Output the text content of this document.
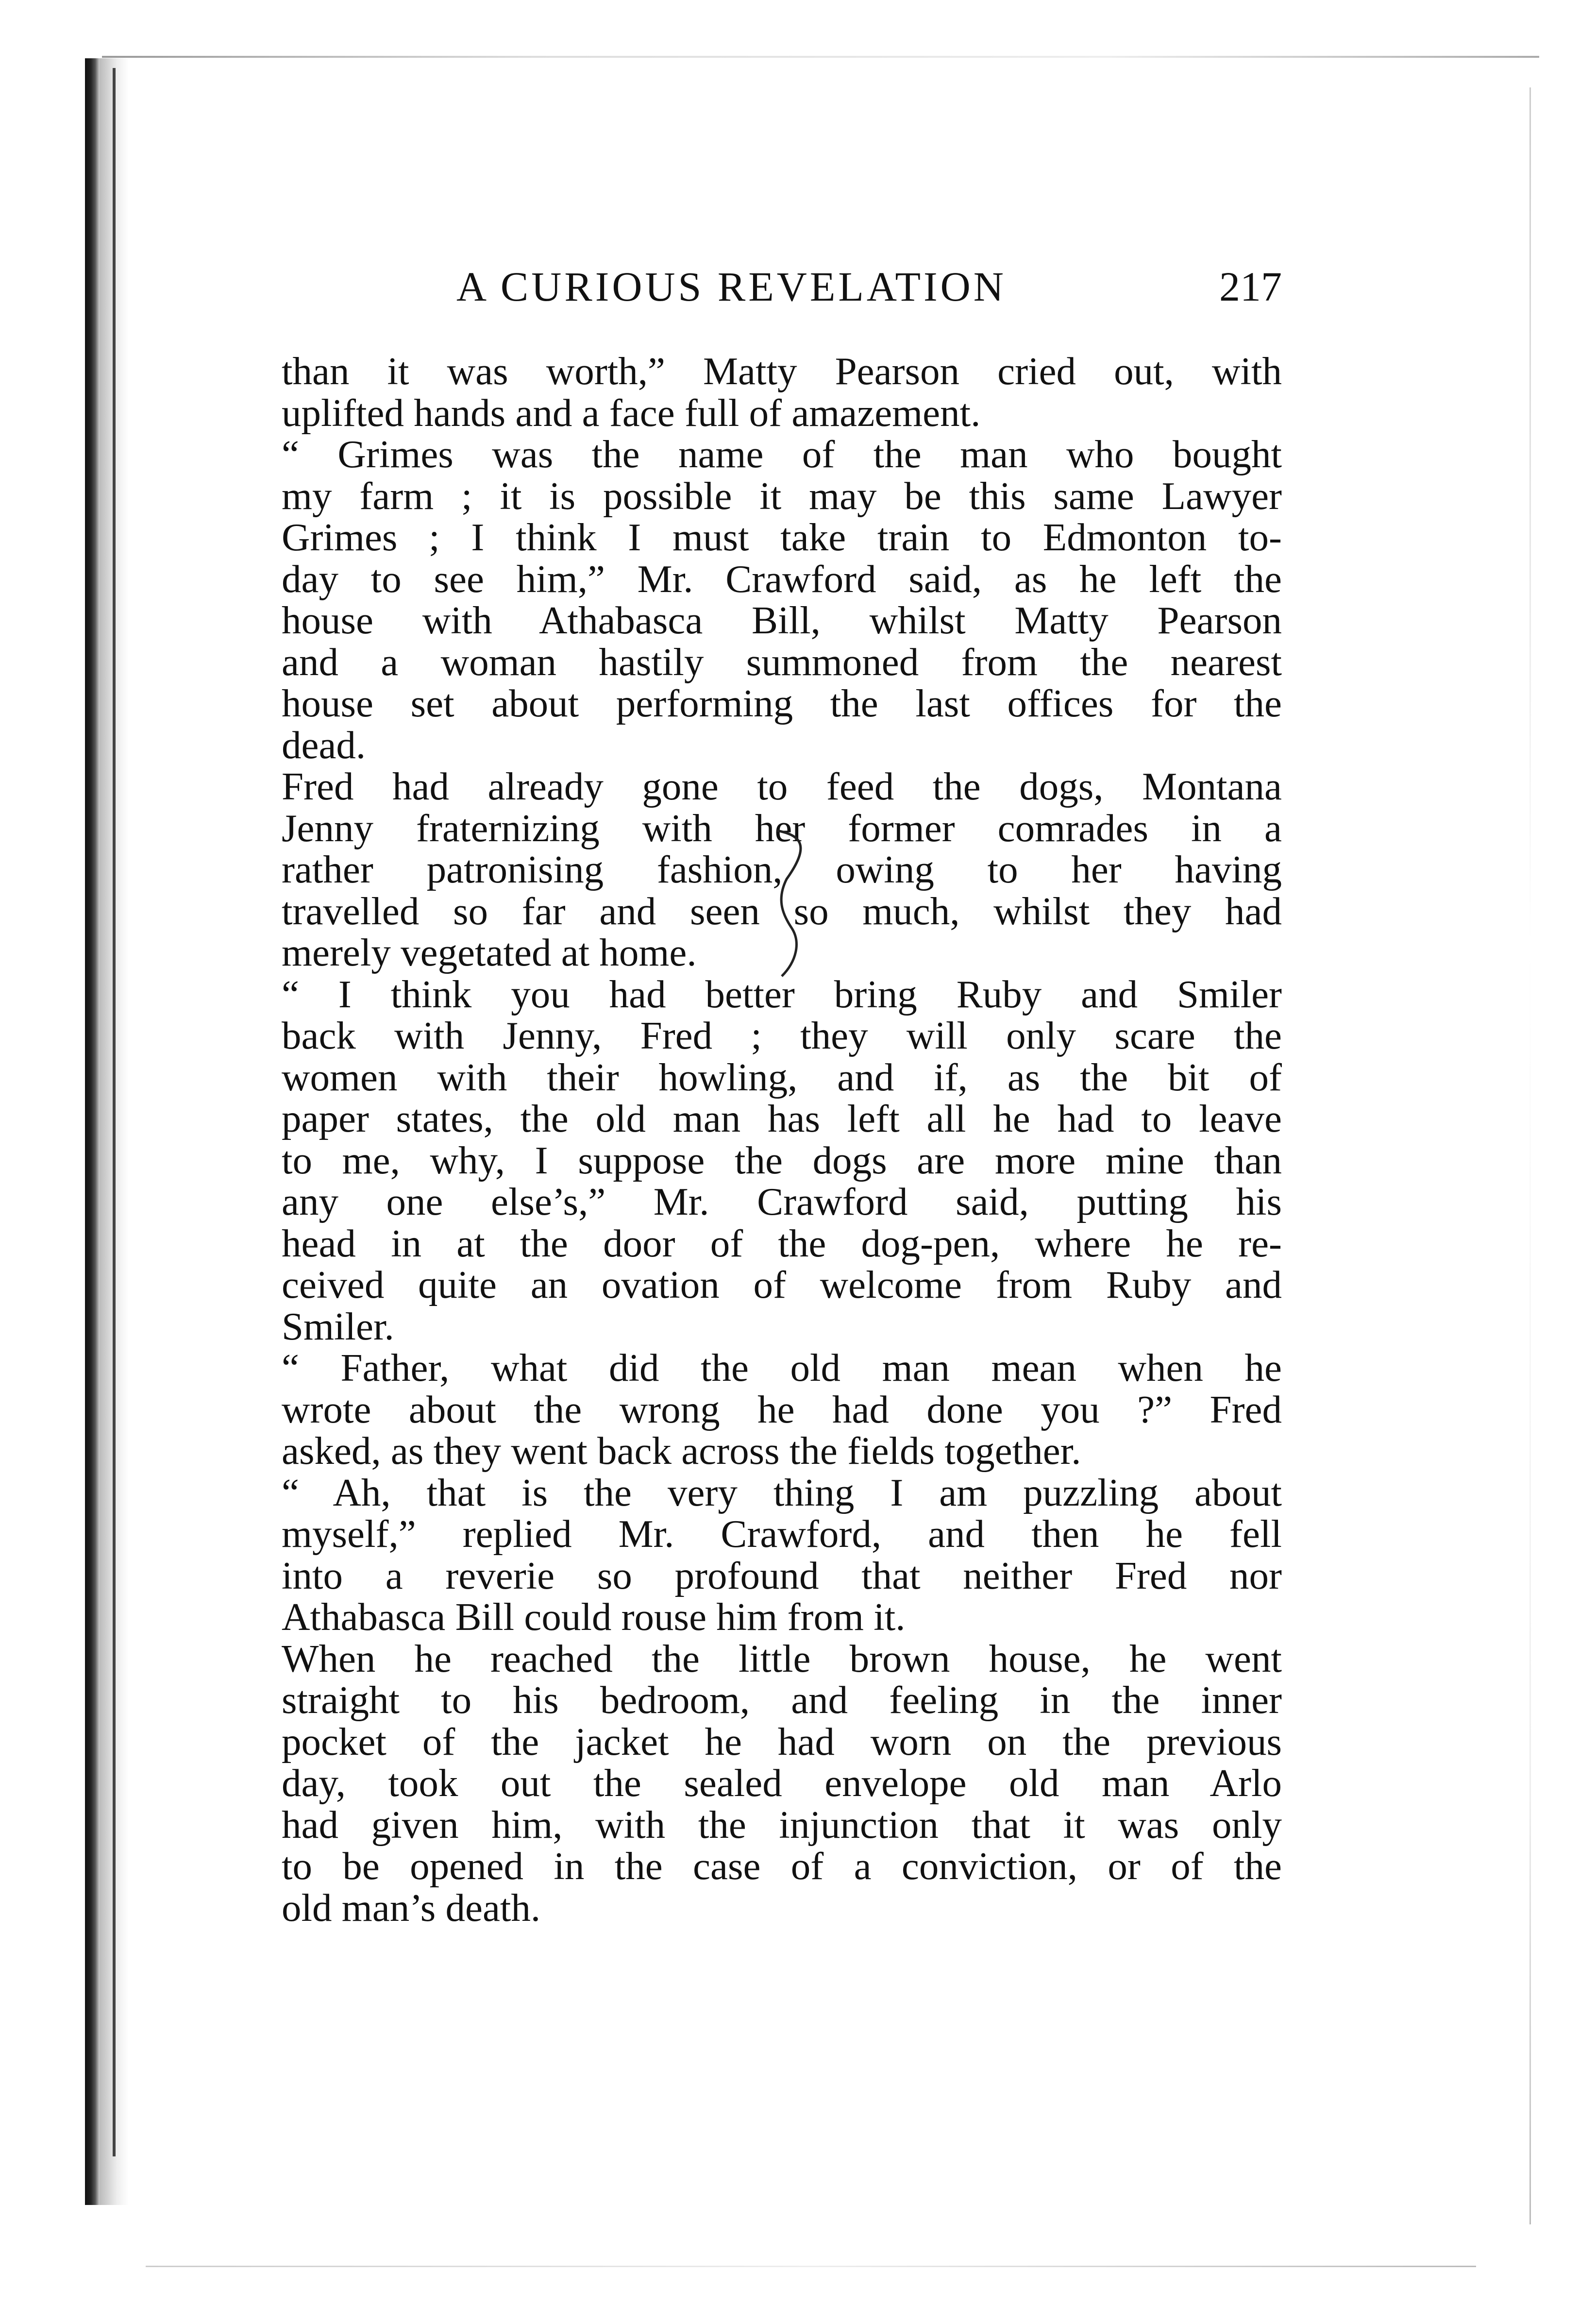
A CURIOUS REVELATION	217
than it was worth,” Matty Pearson cried out, with
uplifted hands and a face full of amazement.
“ Grimes was the name of the man who bought
my farm ; it is possible it may be this same Lawyer
Grimes ; I think I must take train to Edmonton to-
day to see him,” Mr. Crawford said, as he left the
house with Athabasca Bill, whilst Matty Pearson
and a woman hastily summoned from the nearest
house set about performing the last offices for the
dead.
Fred had already gone to feed the dogs, Montana
Jenny fraternizing with her former comrades in a
rather patronising fashion, owing to her having
travelled so far and seen so much, whilst they had
merely vegetated at home.
“ I think you had better bring Ruby and Smiler
back with Jenny, Fred ; they will only scare the
women with their howling, and if, as the bit of
paper states, the old man has left all he had to leave
to me, why, I suppose the dogs are more mine than
any one else’s,” Mr. Crawford said, putting his
head in at the door of the dog-pen, where he re-
ceived quite an ovation of welcome from Ruby and
Smiler.
“ Father, what did the old man mean when he
wrote about the wrong he had done you ?” Fred
asked, as they went back across the fields together.
“ Ah, that is the very thing I am puzzling about
myself,” replied Mr. Crawford, and then he fell
into a reverie so profound that neither Fred nor
Athabasca Bill could rouse him from it.
When he reached the little brown house, he went
straight to his bedroom, and feeling in the inner
pocket of the jacket he had worn on the previous
day, took out the sealed envelope old man Arlo
had given him, with the injunction that it was only
to be opened in the case of a conviction, or of the
old man’s death.
